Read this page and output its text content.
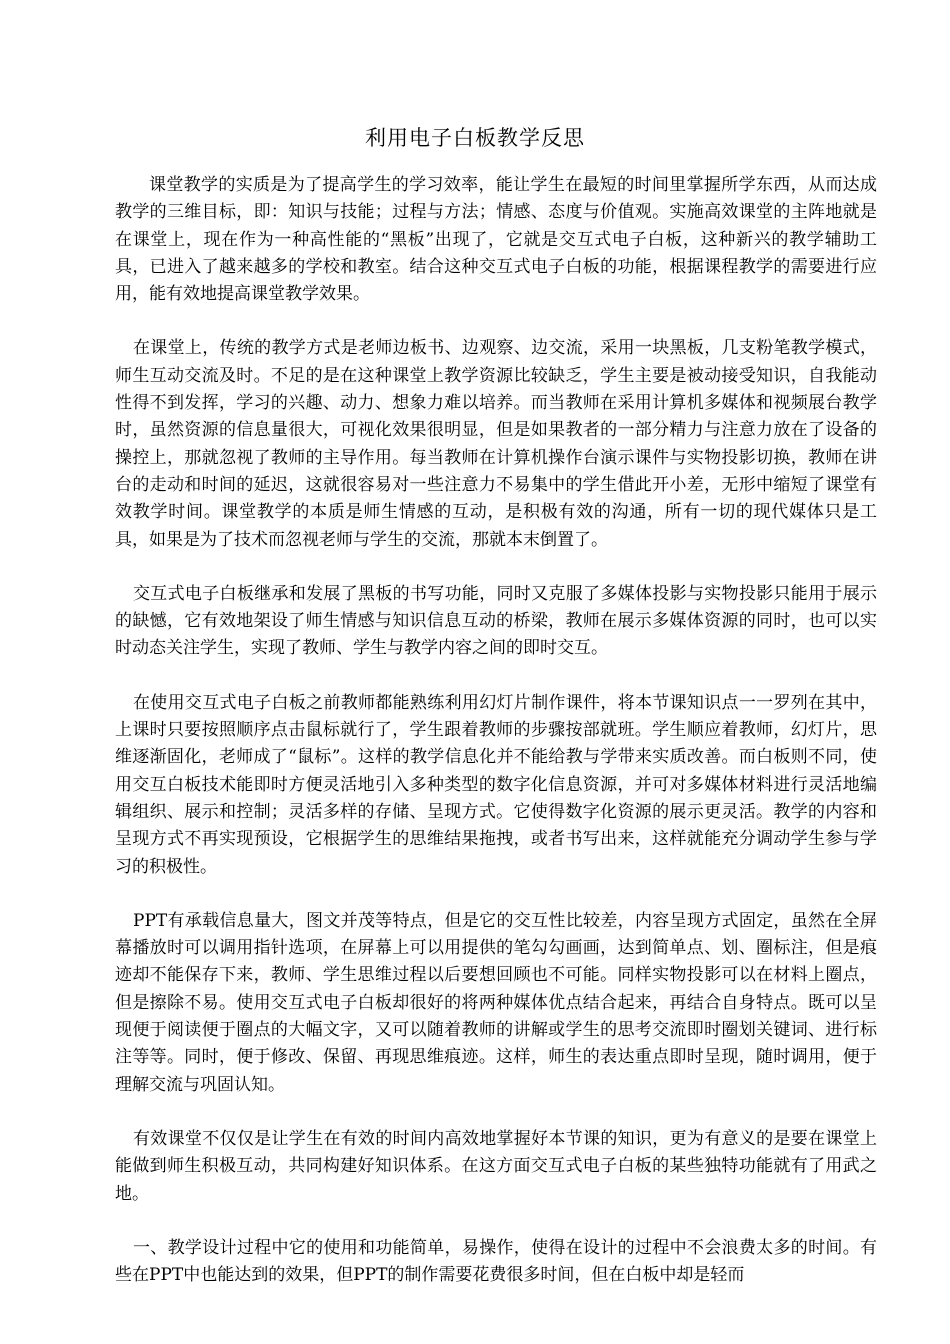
利用电子白板教学反思

课堂教学的实质是为了提高学生的学习效率，能让学生在最短的时间里掌握所学东西，从而达成教学的三维目标，即：知识与技能；过程与方法；情感、态度与价值观。实施高效课堂的主阵地就是在课堂上，现在作为一种高性能的“黑板”出现了，它就是交互式电子白板，这种新兴的教学辅助工具，已进入了越来越多的学校和教室。结合这种交互式电子白板的功能，根据课程教学的需要进行应用，能有效地提高课堂教学效果。

在课堂上，传统的教学方式是老师边板书、边观察、边交流，采用一块黑板，几支粉笔教学模式，师生互动交流及时。不足的是在这种课堂上教学资源比较缺乏，学生主要是被动接受知识，自我能动性得不到发挥，学习的兴趣、动力、想象力难以培养。而当教师在采用计算机多媒体和视频展台教学时，虽然资源的信息量很大，可视化效果很明显，但是如果教者的一部分精力与注意力放在了设备的操控上，那就忽视了教师的主导作用。每当教师在计算机操作台演示课件与实物投影切换，教师在讲台的走动和时间的延迟，这就很容易对一些注意力不易集中的学生借此开小差，无形中缩短了课堂有效教学时间。课堂教学的本质是师生情感的互动，是积极有效的沟通，所有一切的现代媒体只是工具，如果是为了技术而忽视老师与学生的交流，那就本末倒置了。

交互式电子白板继承和发展了黑板的书写功能，同时又克服了多媒体投影与实物投影只能用于展示的缺憾，它有效地架设了师生情感与知识信息互动的桥梁，教师在展示多媒体资源的同时，也可以实时动态关注学生，实现了教师、学生与教学内容之间的即时交互。

在使用交互式电子白板之前教师都能熟练利用幻灯片制作课件，将本节课知识点一一罗列在其中，上课时只要按照顺序点击鼠标就行了，学生跟着教师的步骤按部就班。学生顺应着教师，幻灯片，思维逐渐固化，老师成了“鼠标”。这样的教学信息化并不能给教与学带来实质改善。而白板则不同，使用交互白板技术能即时方便灵活地引入多种类型的数字化信息资源，并可对多媒体材料进行灵活地编辑组织、展示和控制；灵活多样的存储、呈现方式。它使得数字化资源的展示更灵活。教学的内容和呈现方式不再实现预设，它根据学生的思维结果拖拽，或者书写出来，这样就能充分调动学生参与学习的积极性。

PPT有承载信息量大，图文并茂等特点，但是它的交互性比较差，内容呈现方式固定，虽然在全屏幕播放时可以调用指针选项，在屏幕上可以用提供的笔勾勾画画，达到简单点、划、圈标注，但是痕迹却不能保存下来，教师、学生思维过程以后要想回顾也不可能。同样实物投影可以在材料上圈点，但是擦除不易。使用交互式电子白板却很好的将两种媒体优点结合起来，再结合自身特点。既可以呈现便于阅读便于圈点的大幅文字，又可以随着教师的讲解或学生的思考交流即时圈划关键词、进行标注等等。同时，便于修改、保留、再现思维痕迹。这样，师生的表达重点即时呈现，随时调用，便于理解交流与巩固认知。

有效课堂不仅仅是让学生在有效的时间内高效地掌握好本节课的知识，更为有意义的是要在课堂上能做到师生积极互动，共同构建好知识体系。在这方面交互式电子白板的某些独特功能就有了用武之地。

一、教学设计过程中它的使用和功能简单，易操作，使得在设计的过程中不会浪费太多的时间。有些在PPT中也能达到的效果，但PPT的制作需要花费很多时间，但在白板中却是轻而
